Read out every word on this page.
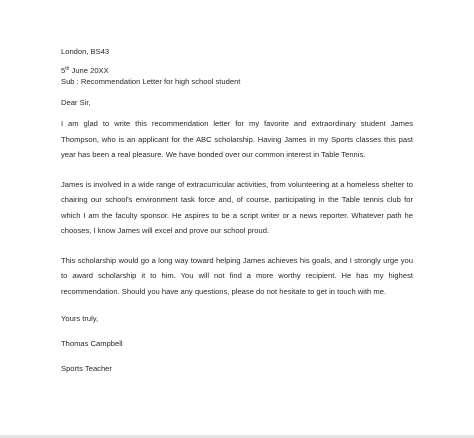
London, BS43
5th June 20XX
Sub : Recommendation Letter for high school student
Dear Sir,
I am glad to write this recommendation letter for my favorite and extraordinary student James Thompson, who is an applicant for the ABC scholarship. Having James in my Sports classes this past year has been a real pleasure. We have bonded over our common interest in Table Tennis.
James is involved in a wide range of extracurricular activities, from volunteering at a homeless shelter to chairing our school's environment task force and, of course, participating in the Table tennis club for which I am the faculty sponsor. He aspires to be a script writer or a news reporter. Whatever path he chooses, I know James will excel and prove our school proud.
This scholarship would go a long way toward helping James achieves his goals, and I strongly urge you to award scholarship it to him. You will not find a more worthy recipient. He has my highest recommendation. Should you have any questions, please do not hesitate to get in touch with me.
Yours truly,
Thomas Campbell
Sports Teacher
